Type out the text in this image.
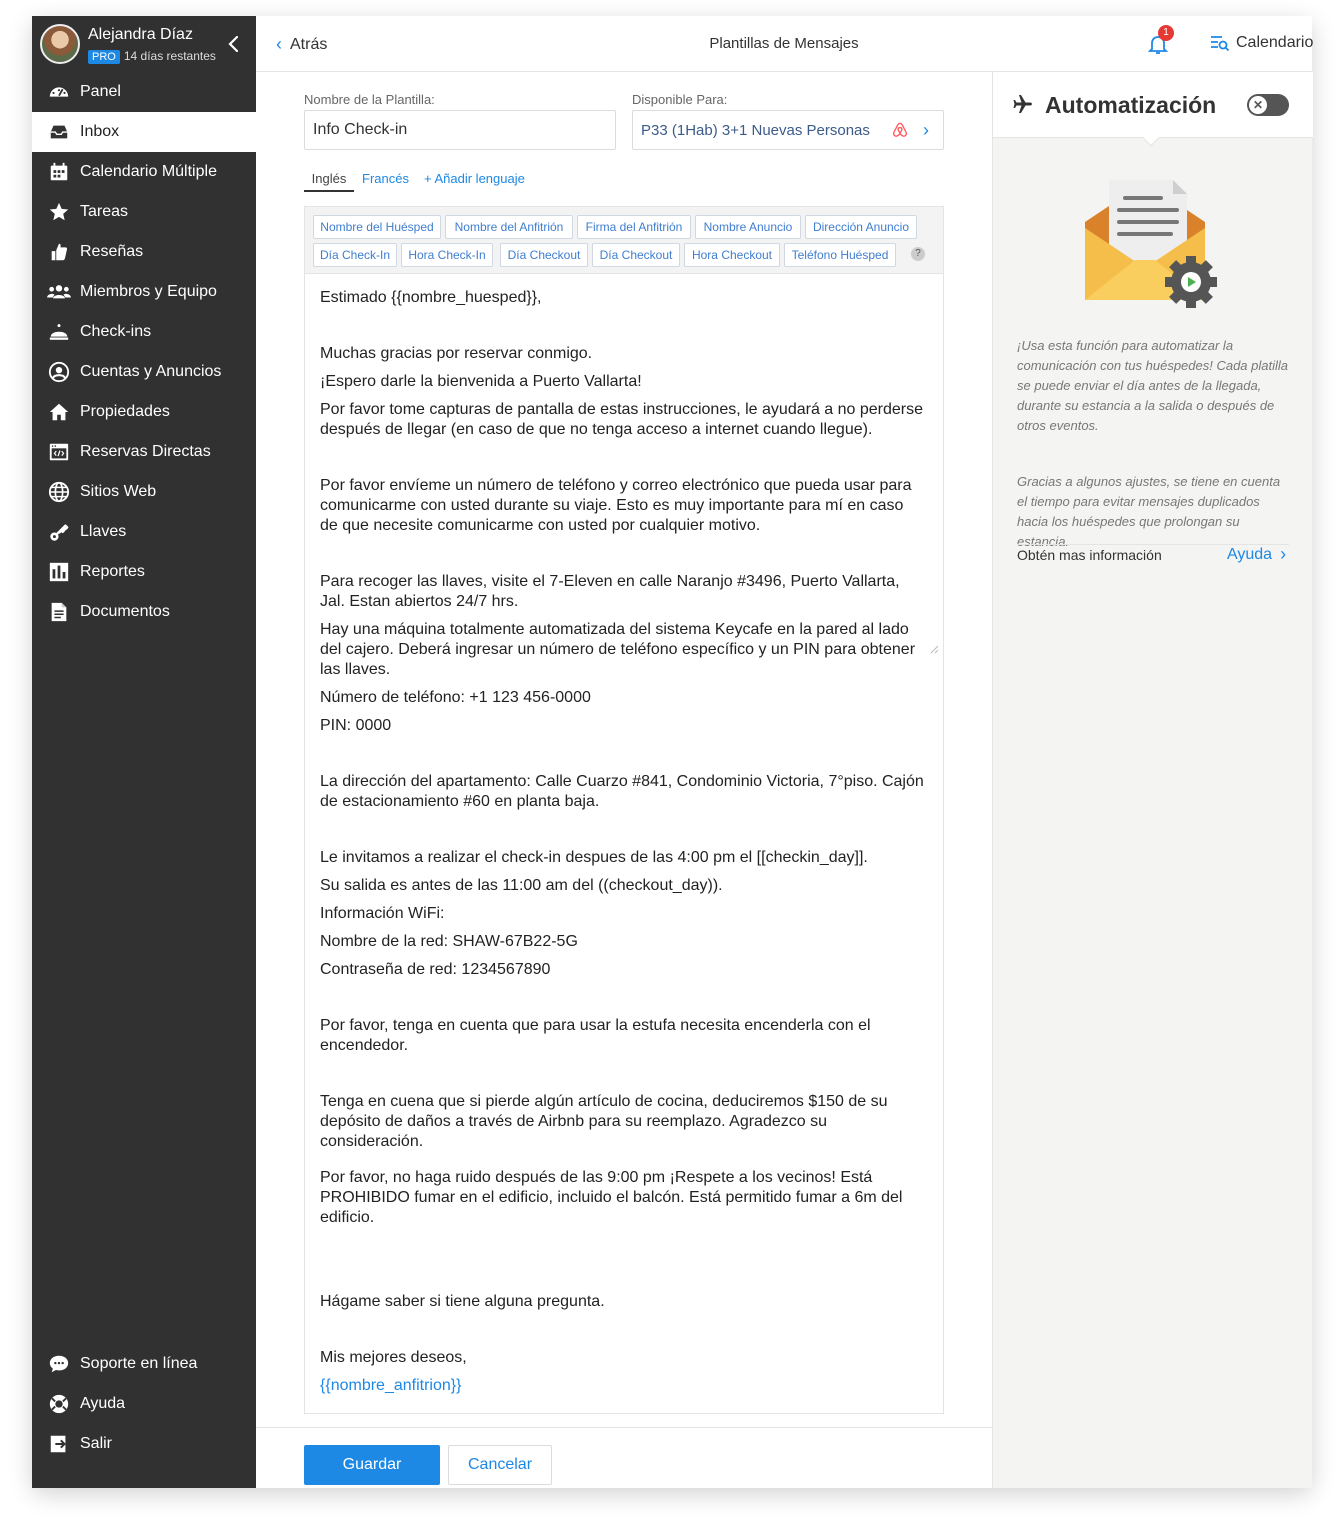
Alejandra Díaz
PRO 14 días restantes
Panel
Inbox
Calendario Múltiple
Tareas
Reseñas
Miembros y Equipo
Check-ins
Cuentas y Anuncios
Propiedades
Reservas Directas
Sitios Web
Llaves
Reportes
Documentos
Soporte en línea
Ayuda
Salir
‹ Atrás	Plantillas de Mensajes
1
Calendario
Nombre de la Plantilla:
Info Check-in
Disponible Para:
P33 (1Hab) 3+1 Nuevas Personas	›
Inglés	Francés + Añadir lenguaje
Nombre del Huésped	Nombre del Anfitrión	Firma del Anfitrión	Nombre Anuncio	Dirección Anuncio
Día Check-In	Hora Check-In	Día Checkout	Día Checkout	Hora Checkout	Teléfono Huésped	?
Estimado {{nombre_huesped}},
Muchas gracias por reservar conmigo.
¡Espero darle la bienvenida a Puerto Vallarta!
Por favor tome capturas de pantalla de estas instrucciones, le ayudará a no perderse después de llegar (en caso de que no tenga acceso a internet cuando llegue).
Por favor envíeme un número de teléfono y correo electrónico que pueda usar para comunicarme con usted durante su viaje. Esto es muy importante para mí en caso de que necesite comunicarme con usted por cualquier motivo.
Para recoger las llaves, visite el 7-Eleven en calle Naranjo #3496, Puerto Vallarta, Jal. Estan abiertos 24/7 hrs.
Hay una máquina totalmente automatizada del sistema Keycafe en la pared al lado del cajero. Deberá ingresar un número de teléfono específico y un PIN para obtener las llaves.
Número de teléfono: +1 123 456-0000
PIN: 0000
La dirección del apartamento: Calle Cuarzo #841, Condominio Victoria, 7°piso. Cajón de estacionamiento #60 en planta baja.
Le invitamos a realizar el check-in despues de las 4:00 pm el [[checkin_day]].
Su salida es antes de las 11:00 am del ((checkout_day)).
Información WiFi:
Nombre de la red: SHAW-67B22-5G
Contraseña de red: 1234567890
Por favor, tenga en cuenta que para usar la estufa necesita encenderla con el encendedor.
Tenga en cuena que si pierde algún artículo de cocina, deduciremos $150 de su depósito de daños a través de Airbnb para su reemplazo. Agradezco su consideración.
Por favor, no haga ruido después de las 9:00 pm ¡Respete a los vecinos! Está PROHIBIDO fumar en el edificio, incluido el balcón. Está permitido fumar a 6m del edificio.
Hágame saber si tiene alguna pregunta.
Mis mejores deseos,
{{nombre_anfitrion}}
Guardar	Cancelar
Automatización	✕
¡Usa esta función para automatizar la comunicación con tus huéspedes! Cada platilla se puede enviar el día antes de la llegada, durante su estancia a la salida o después de otros eventos.
Gracias a algunos ajustes, se tiene en cuenta el tiempo para evitar mensajes duplicados hacia los huéspedes que prolongan su estancia.
Obtén mas información	Ayuda ›
